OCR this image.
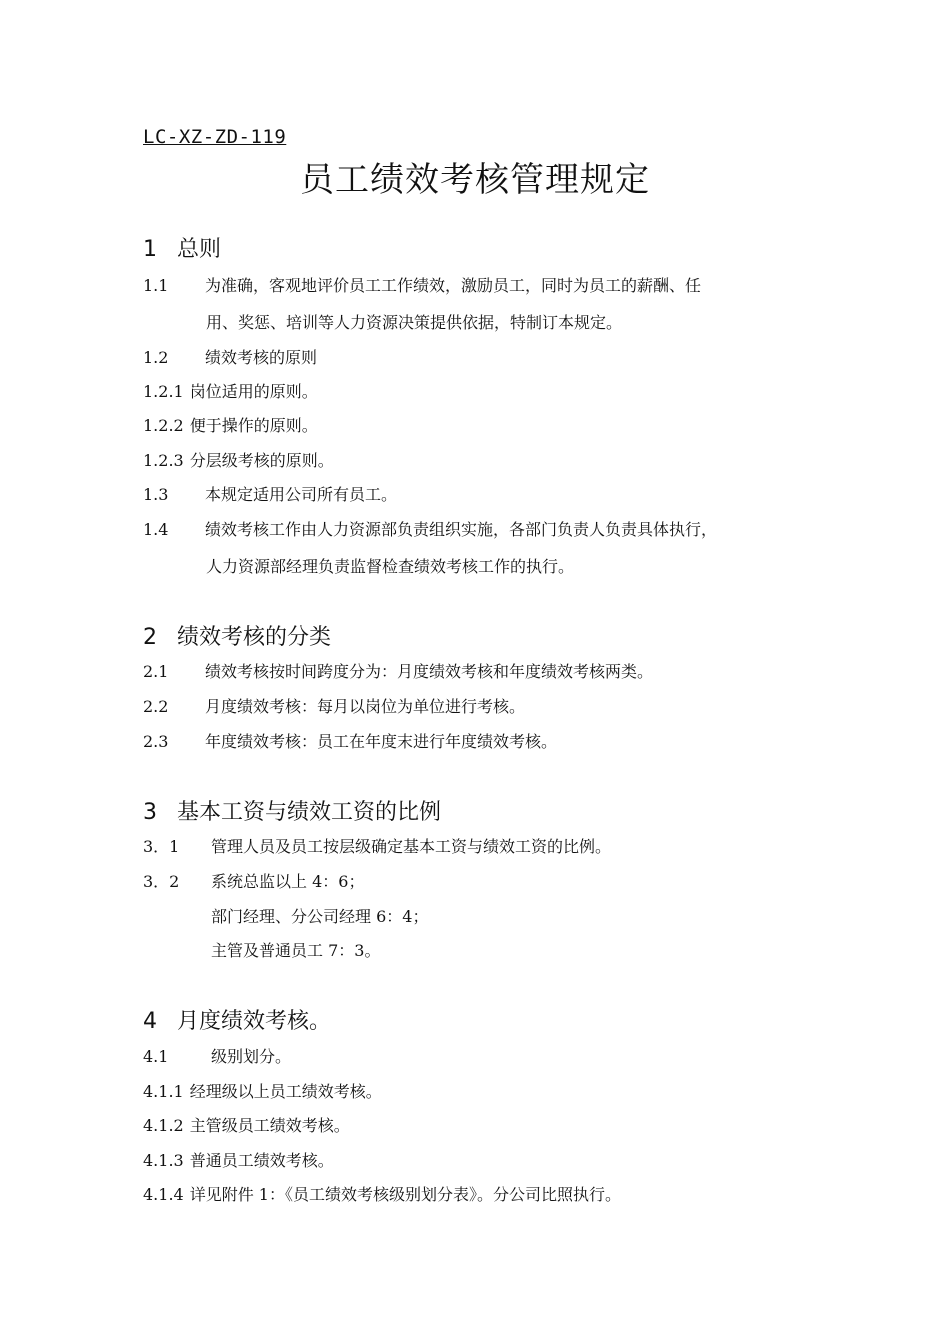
LC-XZ-ZD-119
员工绩效考核管理规定
1 总则
1.1 为准确，客观地评价员工工作绩效，激励员工，同时为员工的薪酬、任
用、奖惩、培训等人力资源决策提供依据，特制订本规定。
1.2 绩效考核的原则
1.2.1 岗位适用的原则。
1.2.2 便于操作的原则。
1.2.3 分层级考核的原则。
1.3 本规定适用公司所有员工。
1.4 绩效考核工作由人力资源部负责组织实施，各部门负责人负责具体执行，
人力资源部经理负责监督检查绩效考核工作的执行。
2 绩效考核的分类
2.1 绩效考核按时间跨度分为：月度绩效考核和年度绩效考核两类。
2.2 月度绩效考核：每月以岗位为单位进行考核。
2.3 年度绩效考核：员工在年度末进行年度绩效考核。
3 基本工资与绩效工资的比例
3．1 管理人员及员工按层级确定基本工资与绩效工资的比例。
3．2 系统总监以上 4：6；
部门经理、分公司经理 6：4；
主管及普通员工 7：3。
4 月度绩效考核。
4.1	级别划分。
4.1.1 经理级以上员工绩效考核。
4.1.2 主管级员工绩效考核。
4.1.3 普通员工绩效考核。
4.1.4 详见附件 1：《员工绩效考核级别划分表》。分公司比照执行。
